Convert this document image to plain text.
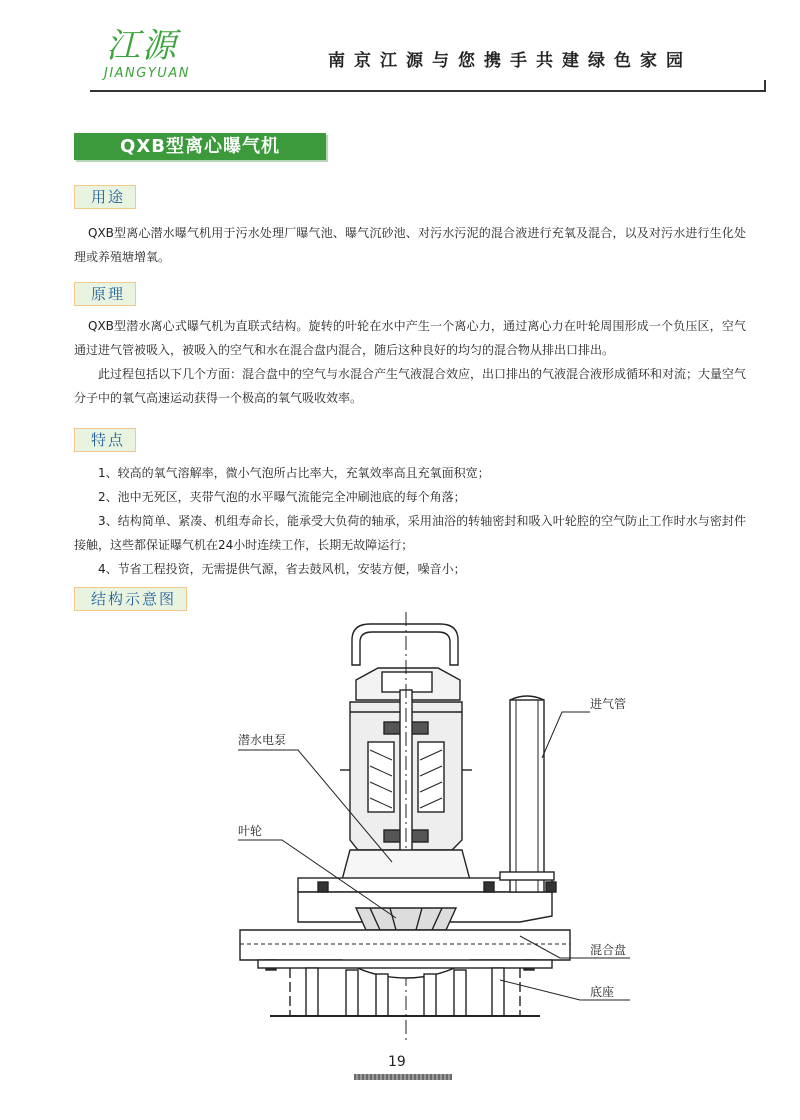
江源
JIANGYUAN
南京江源与您携手共建绿色家园
QXB型离心曝气机
用途
QXB型离心潜水曝气机用于污水处理厂曝气池、曝气沉砂池、对污水污泥的混合液进行充氧及混合，以及对污水进行生化处理或养殖塘增氧。
原理

QXB型潜水离心式曝气机为直联式结构。旋转的叶轮在水中产生一个离心力，通过离心力在叶轮周围形成一个负压区，空气通过进气管被吸入，被吸入的空气和水在混合盘内混合，随后这种良好的均匀的混合物从排出口排出。

此过程包括以下几个方面：混合盘中的空气与水混合产生气液混合效应，出口排出的气液混合液形成循环和对流；大量空气分子中的氧气高速运动获得一个极高的氧气吸收效率。

特点

1、较高的氧气溶解率，微小气泡所占比率大，充氧效率高且充氧面积宽；

2、池中无死区，夹带气泡的水平曝气流能完全冲刷池底的每个角落；

3、结构简单、紧凑、机组寿命长，能承受大负荷的轴承，采用油浴的转轴密封和吸入叶轮腔的空气防止工作时水与密封件接触，这些都保证曝气机在24小时连续工作，长期无故障运行；

4、节省工程投资，无需提供气源，省去鼓风机，安装方便，噪音小；

结构示意图
潜水电泵
叶轮
进气管
混合盘
底座
19
